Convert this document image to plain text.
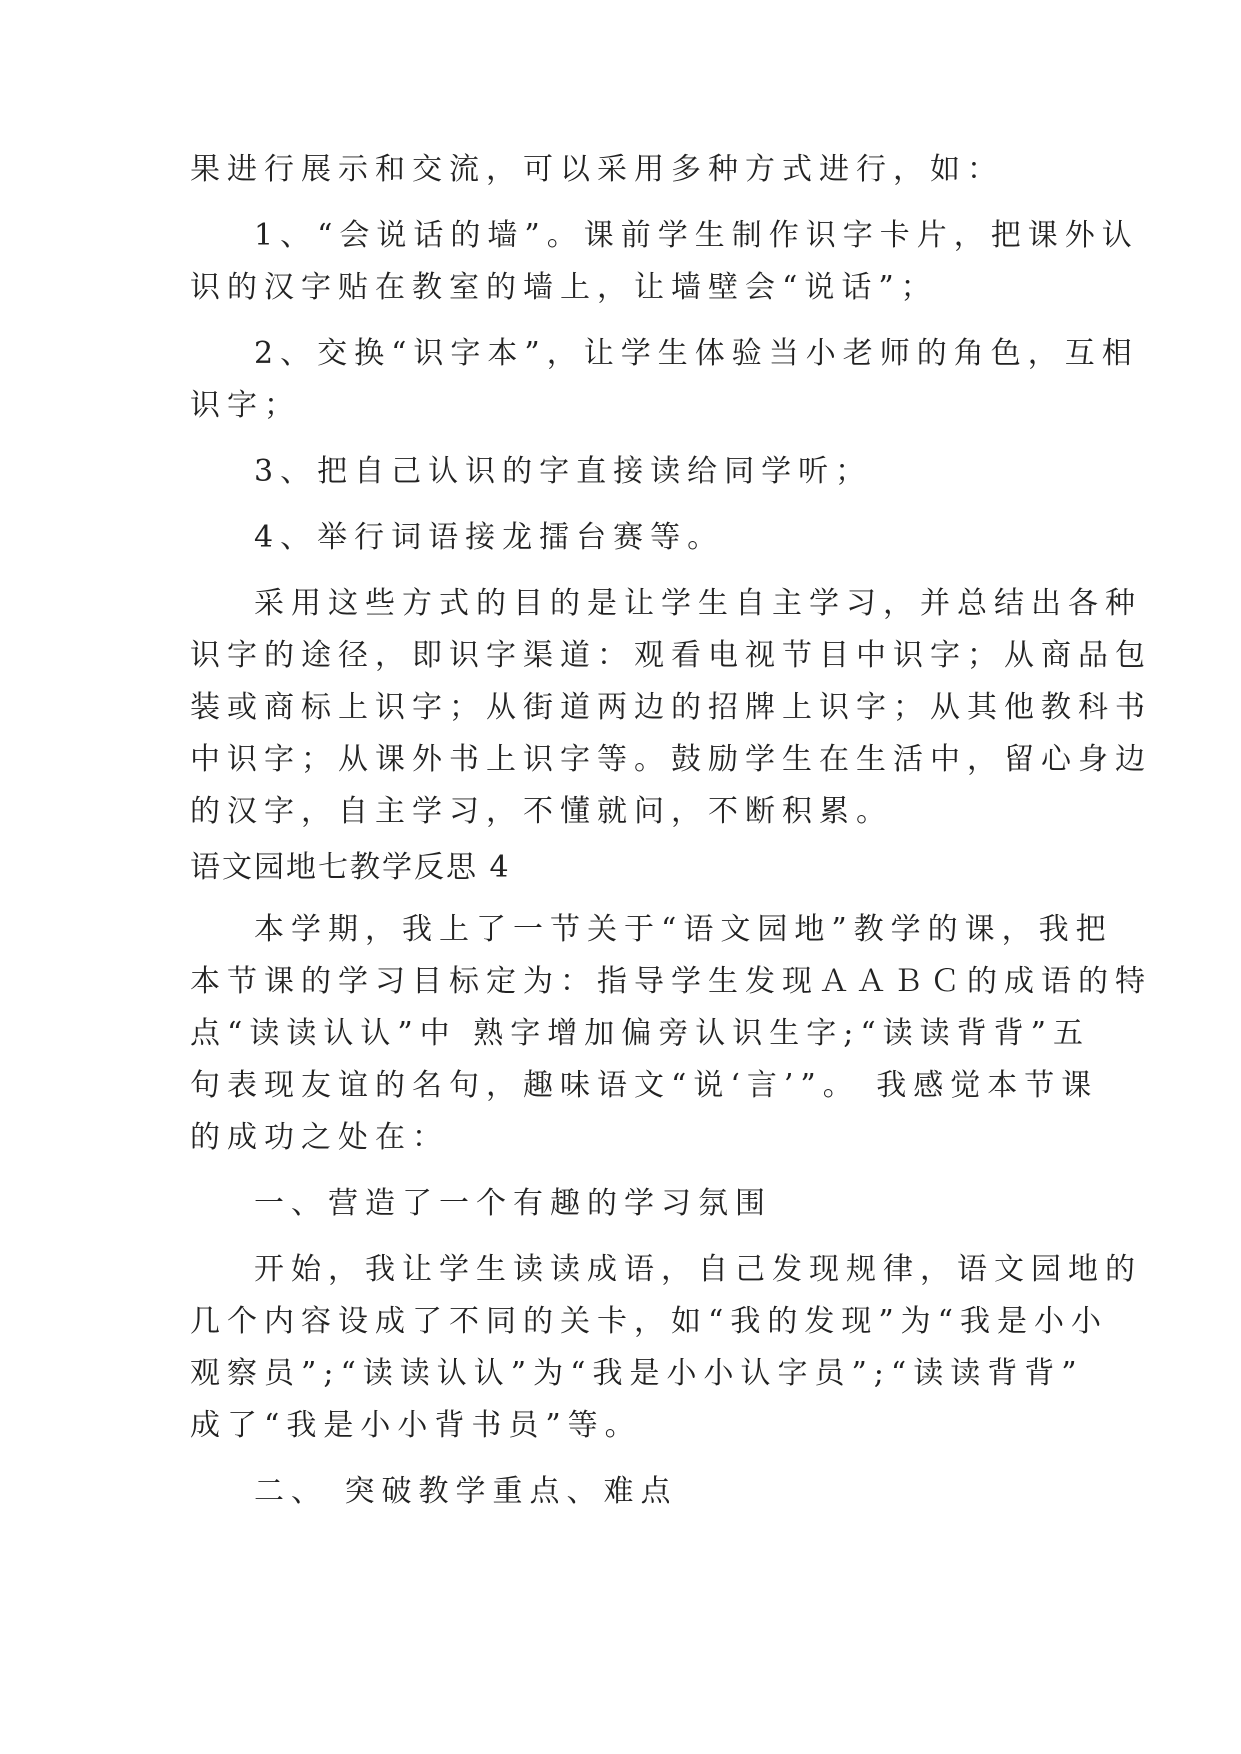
果进行展示和交流，可以采用多种方式进行，如：
1、“会说话的墙”。课前学生制作识字卡片，把课外认
识的汉字贴在教室的墙上，让墙壁会“说话”；
2、交换“识字本”，让学生体验当小老师的角色，互相
识字；
3、把自己认识的字直接读给同学听；
4、举行词语接龙擂台赛等。
采用这些方式的目的是让学生自主学习，并总结出各种
识字的途径，即识字渠道：观看电视节目中识字；从商品包
装或商标上识字；从街道两边的招牌上识字；从其他教科书
中识字；从课外书上识字等。鼓励学生在生活中，留心身边
的汉字，自主学习，不懂就问，不断积累。
语文园地七教学反思 4
本学期，我上了一节关于“语文园地”教学的课，我把
本节课的学习目标定为：指导学生发现ＡＡＢＣ的成语的特
点“读读认认”中 熟字增加偏旁认识生字;“读读背背”五
句表现友谊的名句，趣味语文“说‘言’”。 我感觉本节课
的成功之处在：
一、营造了一个有趣的学习氛围
开始，我让学生读读成语，自己发现规律，语文园地的
几个内容设成了不同的关卡，如“我的发现”为“我是小小
观察员”;“读读认认”为“我是小小认字员”;“读读背背”
成了“我是小小背书员”等。
二、 突破教学重点、难点
